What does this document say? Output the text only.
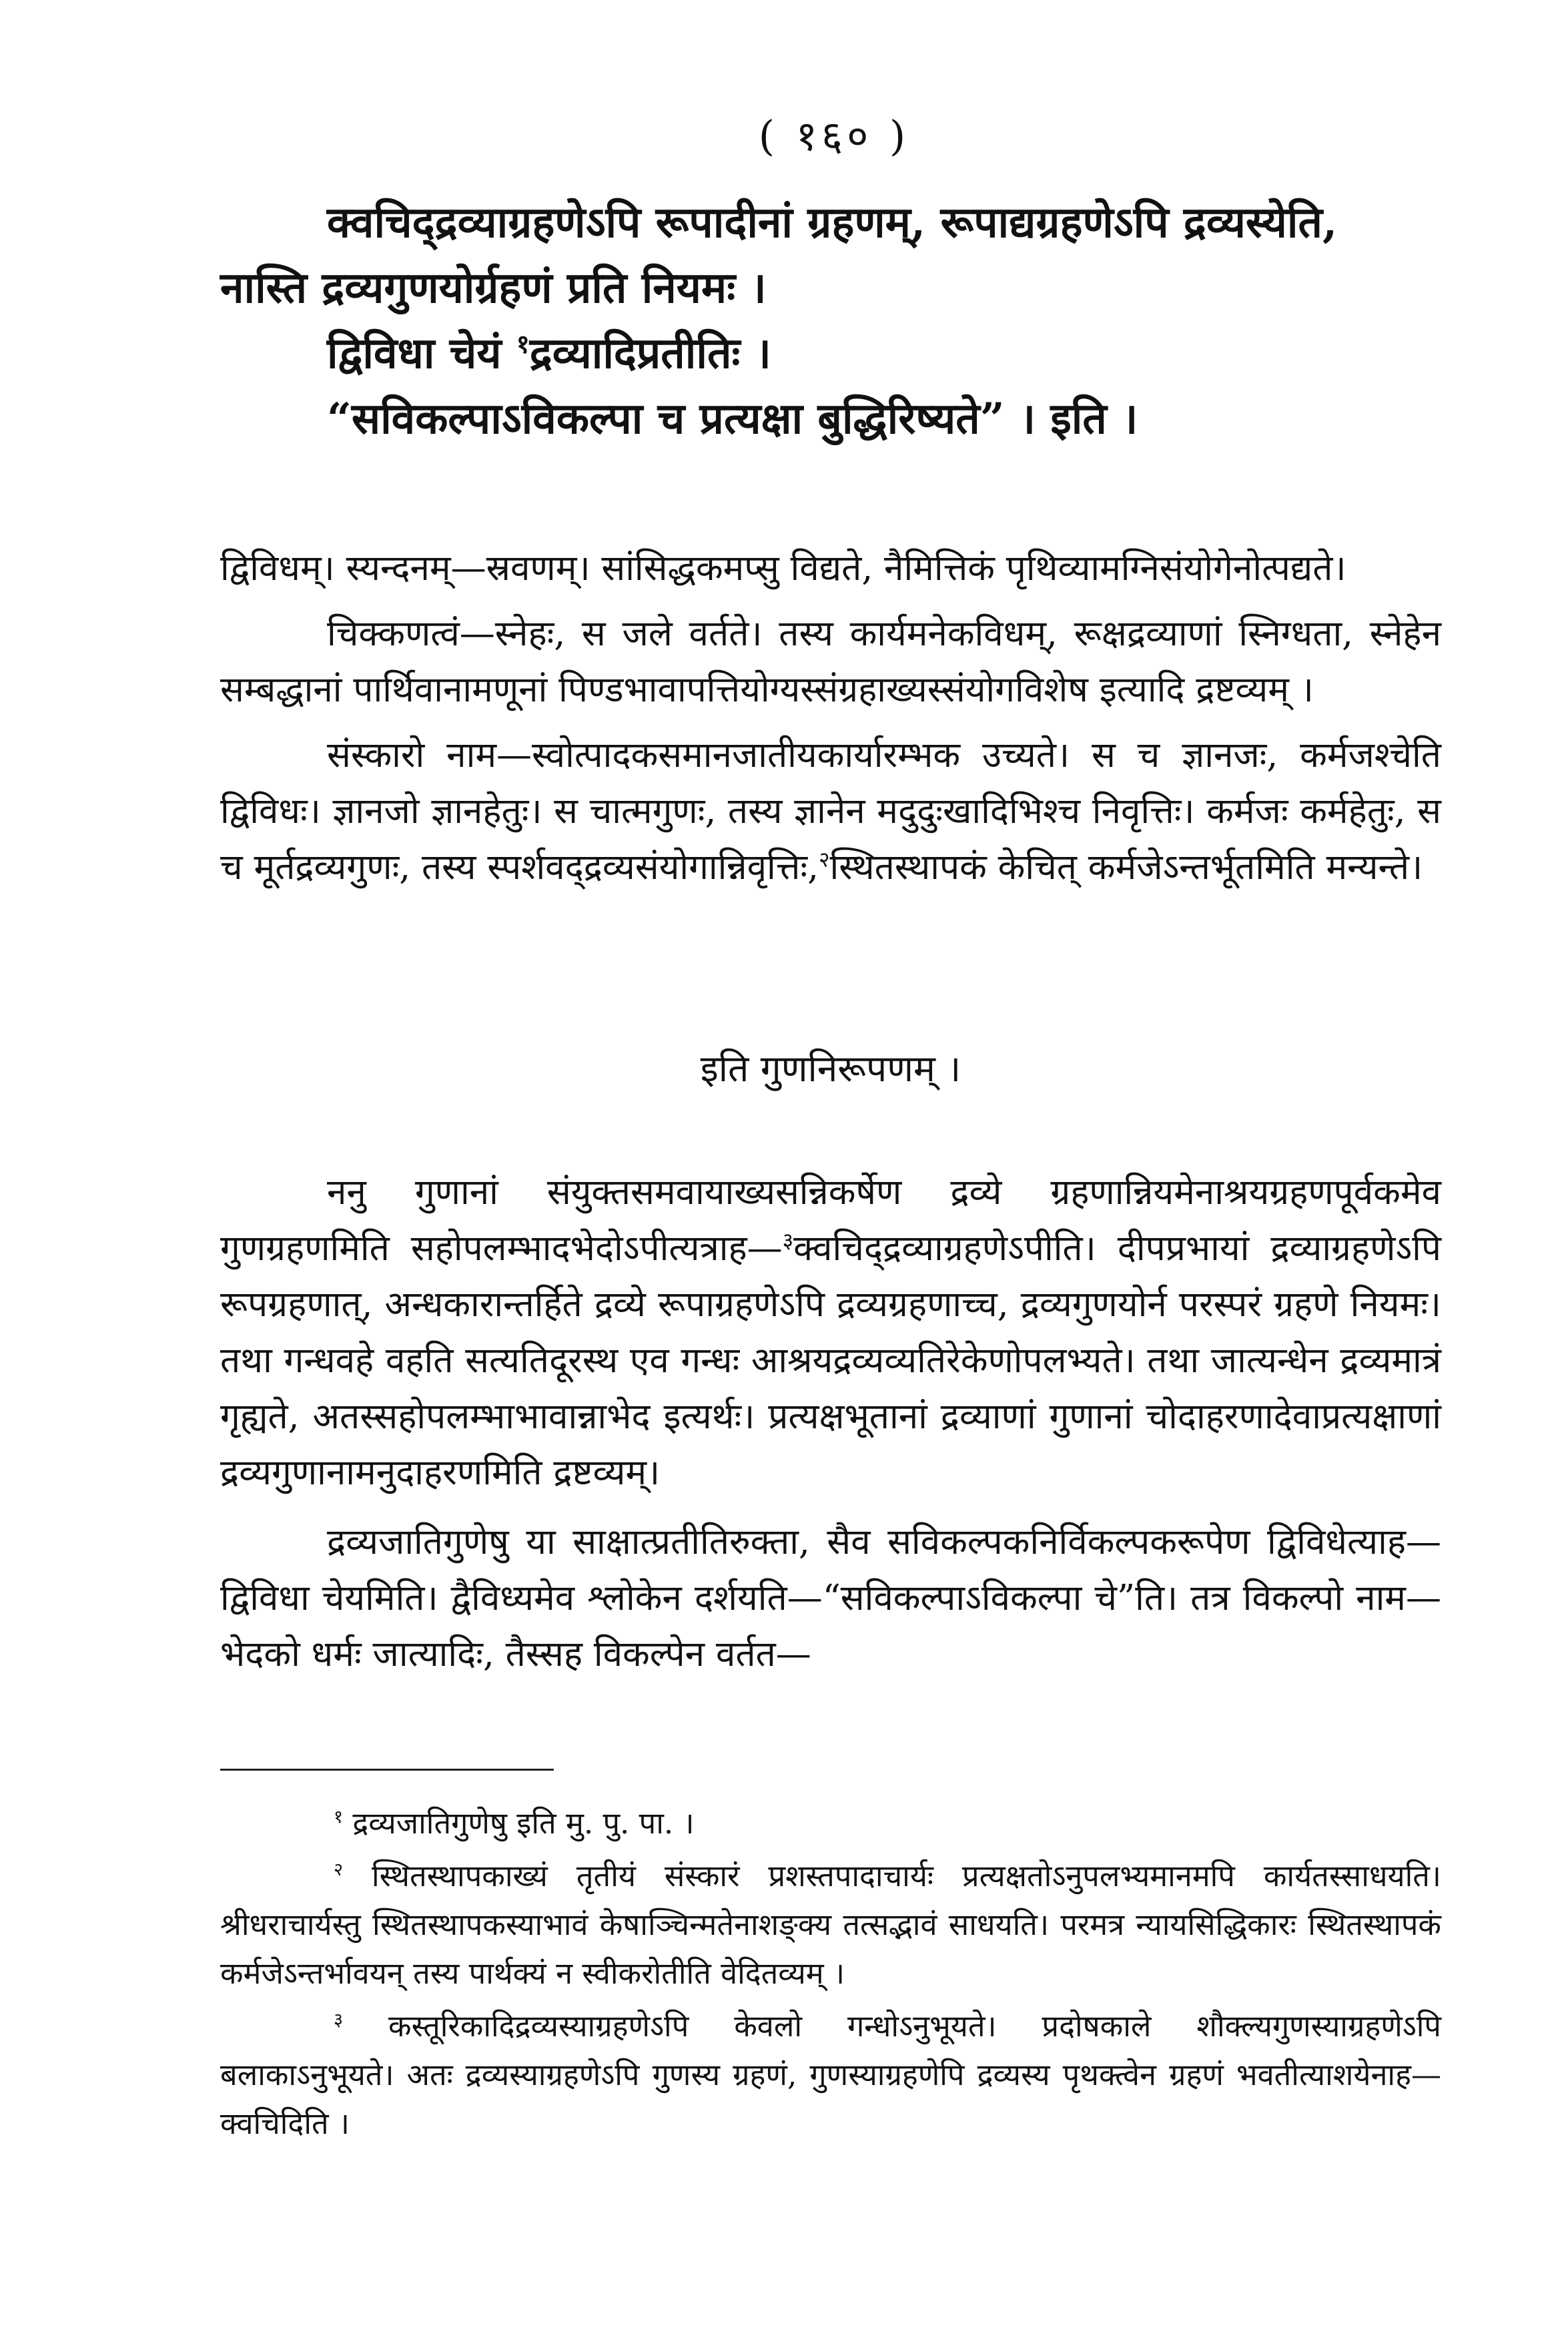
( १६० )
क्वचिद्द्रव्याग्रहणेऽपि रूपादीनां ग्रहणम्, रूपाद्यग्रहणेऽपि द्रव्यस्येति,
नास्ति द्रव्यगुणयोर्ग्रहणं प्रति नियमः ।
द्विविधा चेयं $^१$द्रव्यादिप्रतीतिः ।
“सविकल्पाऽविकल्पा च प्रत्यक्षा बुद्धिरिष्यते” । इति ।

द्विविधम्। स्यन्दनम्—स्रवणम्। सांसिद्धकमप्सु विद्यते, नैमित्तिकं पृथिव्यामग्निसंयोगेनोत्पद्यते।

चिक्कणत्वं—स्नेहः, स जले वर्तते। तस्य कार्यमनेकविधम्, रूक्षद्रव्याणां स्निग्धता, स्नेहेन सम्बद्धानां पार्थिवानामणूनां पिण्डभावापत्तियोग्यस्संग्रहाख्यस्संयोगविशेष इत्यादि द्रष्टव्यम् ।

संस्कारो नाम—स्वोत्पादकसमानजातीयकार्यारम्भक उच्यते। स च ज्ञानजः, कर्मजश्चेति द्विविधः। ज्ञानजो ज्ञानहेतुः। स चात्मगुणः, तस्य ज्ञानेन मदुदुःखादिभिश्च निवृत्तिः। कर्मजः कर्महेतुः, स च मूर्तद्रव्यगुणः, तस्य स्पर्शवद्द्रव्यसंयोगान्निवृत्तिः,$^२$स्थितस्थापकं केचित् कर्मजेऽन्तर्भूतमिति मन्यन्ते।

इति गुणनिरूपणम् ।

ननु गुणानां संयुक्तसमवायाख्यसन्निकर्षेण द्रव्ये ग्रहणान्नियमेनाश्रयग्रहणपूर्वकमेव गुणग्रहणमिति सहोपलम्भादभेदोऽपीत्यत्राह—$^३$क्वचिद्द्रव्याग्रहणेऽपीति। दीपप्रभायां द्रव्याग्रहणेऽपि रूपग्रहणात्, अन्धकारान्तर्हिते द्रव्ये रूपाग्रहणेऽपि द्रव्यग्रहणाच्च, द्रव्यगुणयोर्न परस्परं ग्रहणे नियमः। तथा गन्धवहे वहति सत्यतिदूरस्थ एव गन्धः आश्रयद्रव्यव्यतिरेकेणोपलभ्यते। तथा जात्यन्धेन द्रव्यमात्रं गृह्यते, अतस्सहोपलम्भाभावान्नाभेद इत्यर्थः। प्रत्यक्षभूतानां द्रव्याणां गुणानां चोदाहरणादेवाप्रत्यक्षाणां द्रव्यगुणानामनुदाहरणमिति द्रष्टव्यम्।

द्रव्यजातिगुणेषु या साक्षात्प्रतीतिरुक्ता, सैव सविकल्पकनिर्विकल्पकरूपेण द्विविधेत्याह—द्विविधा चेयमिति। द्वैविध्यमेव श्लोकेन दर्शयति—“सविकल्पाऽविकल्पा चे”ति। तत्र विकल्पो नाम—भेदको धर्मः जात्यादिः, तैस्सह विकल्पेन वर्तत—

$^१$ द्रव्यजातिगुणेषु इति मु. पु. पा. ।

$^२$ स्थितस्थापकाख्यं तृतीयं संस्कारं प्रशस्तपादाचार्यः प्रत्यक्षतोऽनुपलभ्यमानमपि कार्यतस्साधयति। श्रीधराचार्यस्तु स्थितस्थापकस्याभावं केषाञ्चिन्मतेनाशङ्क्य तत्सद्भावं साधयति। परमत्र न्यायसिद्धिकारः स्थितस्थापकं कर्मजेऽन्तर्भावयन् तस्य पार्थक्यं न स्वीकरोतीति वेदितव्यम् ।

$^३$ कस्तूरिकादिद्रव्यस्याग्रहणेऽपि केवलो गन्धोऽनुभूयते। प्रदोषकाले शौक्ल्यगुणस्याग्रहणेऽपि बलाकाऽनुभूयते। अतः द्रव्यस्याग्रहणेऽपि गुणस्य ग्रहणं, गुणस्याग्रहणेपि द्रव्यस्य पृथक्त्वेन ग्रहणं भवतीत्याशयेनाह—क्वचिदिति ।
